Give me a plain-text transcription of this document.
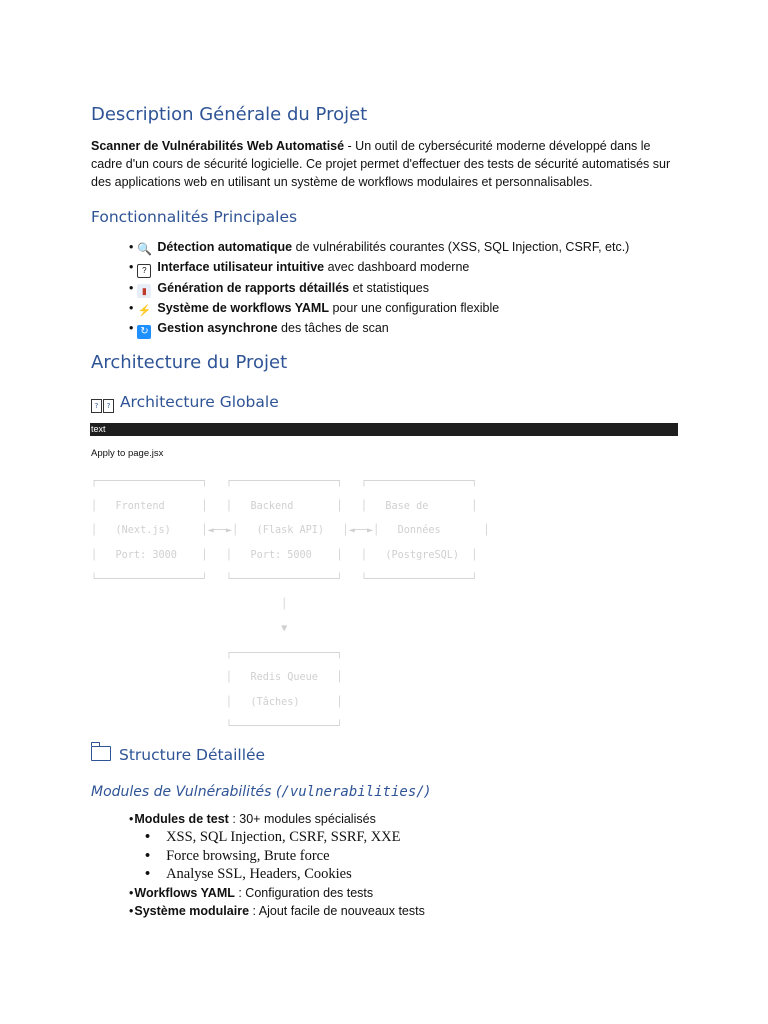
Description Générale du Projet
Scanner de Vulnérabilités Web Automatisé - Un outil de cybersécurité moderne développé dans le cadre d'un cours de sécurité logicielle. Ce projet permet d'effectuer des tests de sécurité automatisés sur des applications web en utilisant un système de workflows modulaires et personnalisables.
Fonctionnalités Principales
• 🔍 Détection automatique de vulnérabilités courantes (XSS, SQL Injection, CSRF, etc.)
• ? Interface utilisateur intuitive avec dashboard moderne
• ▮ Génération de rapports détaillés et statistiques
• ⚡ Système de workflows YAML pour une configuration flexible
• ↻ Gestion asynchrone des tâches de scan
Architecture du Projet
? ? Architecture Globale
text
Apply to page.jsx
┌─────────────────┐   ┌─────────────────┐   ┌─────────────────┐
│   Frontend      │   │   Backend       │   │   Base de       │
│   (Next.js)     │◄──►│   (Flask API)   │◄──►│   Données       │
│   Port: 3000    │   │   Port: 5000    │   │   (PostgreSQL)  │
└─────────────────┘   └─────────────────┘   └─────────────────┘
│
▼
┌─────────────────┐
│   Redis Queue   │
│   (Tâches)      │
└─────────────────┘
Structure Détaillée
Modules de Vulnérabilités (/vulnerabilities/)
• Modules de test : 30+ modules spécialisés
• XSS, SQL Injection, CSRF, SSRF, XXE
• Force browsing, Brute force
• Analyse SSL, Headers, Cookies
• Workflows YAML : Configuration des tests
• Système modulaire : Ajout facile de nouveaux tests
